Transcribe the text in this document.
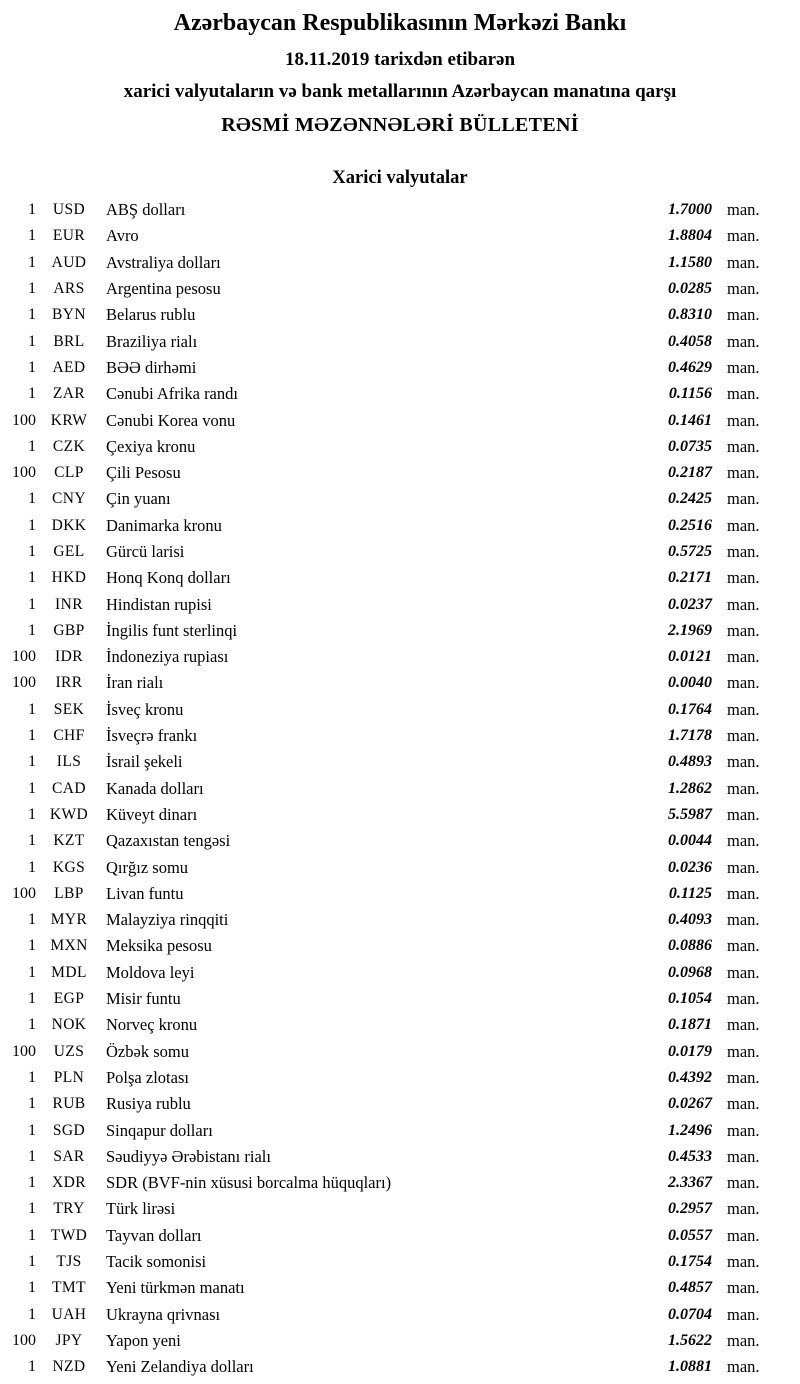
Azərbaycan Respublikasının Mərkəzi Bankı
18.11.2019 tarixdən etibarən
xarici valyutaların və bank metallarının Azərbaycan manatına qarşı
RƏSMİ MƏZƏNNƏLƏRİ BÜLLETENİ
Xarici valyutalar
1	USD	ABŞ dolları	1.7000 man.
1	EUR	Avro	1.8804 man.
1	AUD	Avstraliya dolları	1.1580 man.
1	ARS	Argentina pesosu	0.0285 man.
1	BYN	Belarus rublu	0.8310 man.
1	BRL	Braziliya rialı	0.4058 man.
1	AED	BƏƏ dirhəmi	0.4629 man.
1	ZAR	Cənubi Afrika randı	0.1156 man.
100 KRW	Cənubi Korea vonu	0.1461 man.
1	CZK	Çexiya kronu	0.0735 man.
100	CLP	Çili Pesosu	0.2187 man.
1	CNY	Çin yuanı	0.2425 man.
1	DKK	Danimarka kronu	0.2516 man.
1	GEL	Gürcü larisi	0.5725 man.
1	HKD	Honq Konq dolları	0.2171 man.
1	INR	Hindistan rupisi	0.0237 man.
1	GBP	İngilis funt sterlinqi	2.1969 man.
100	IDR	İndoneziya rupiası	0.0121 man.
100	IRR	İran rialı	0.0040 man.
1	SEK	İsveç kronu	0.1764 man.
1	CHF	İsveçrə frankı	1.7178 man.
1	ILS	İsrail şekeli	0.4893 man.
1	CAD	Kanada dolları	1.2862 man.
1 KWD	Küveyt dinarı	5.5987 man.
1	KZT	Qazaxıstan tengəsi	0.0044 man.
1	KGS	Qırğız somu	0.0236 man.
100	LBP	Livan funtu	0.1125 man.
1 MYR	Malayziya rinqqiti	0.4093 man.
1 MXN	Meksika pesosu	0.0886 man.
1 MDL	Moldova leyi	0.0968 man.
1	EGP	Misir funtu	0.1054 man.
1	NOK	Norveç kronu	0.1871 man.
100	UZS	Özbək somu	0.0179 man.
1	PLN	Polşa zlotası	0.4392 man.
1	RUB	Rusiya rublu	0.0267 man.
1	SGD	Sinqapur dolları	1.2496 man.
1	SAR	Səudiyyə Ərəbistanı rialı	0.4533 man.
1	XDR	SDR (BVF-nin xüsusi borcalma hüquqları)	2.3367 man.
1	TRY	Türk lirəsi	0.2957 man.
1 TWD	Tayvan dolları	0.0557 man.
1	TJS	Tacik somonisi	0.1754 man.
1	TMT	Yeni türkmən manatı	0.4857 man.
1	UAH	Ukrayna qrivnası	0.0704 man.
100	JPY	Yapon yeni	1.5622 man.
1	NZD	Yeni Zelandiya dolları	1.0881 man.
